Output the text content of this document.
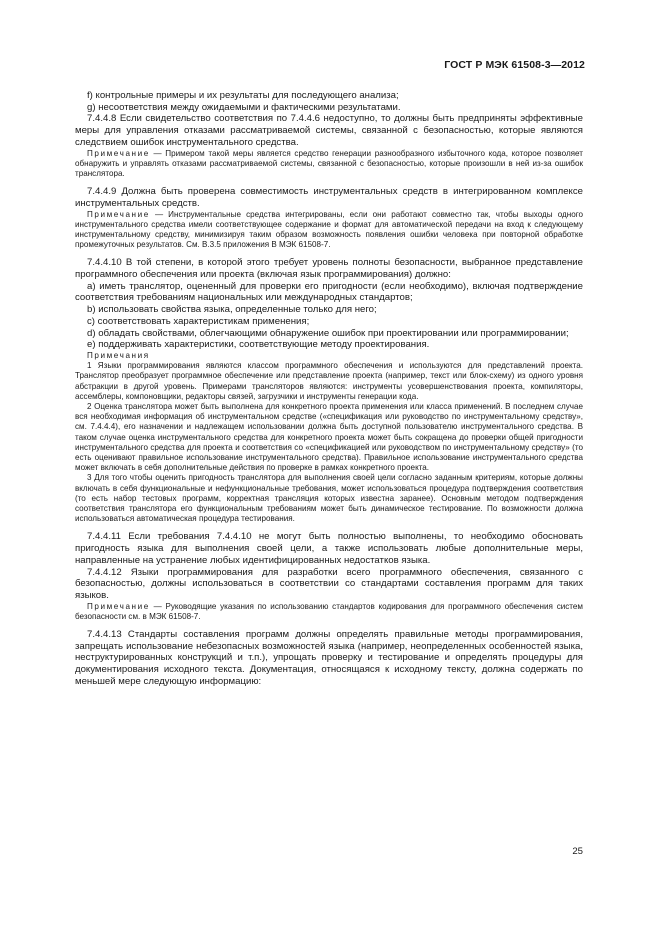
ГОСТ Р МЭК 61508-3—2012

f) контрольные примеры и их результаты для последующего анализа;

g) несоответствия между ожидаемыми и фактическими результатами.

7.4.4.8 Если свидетельство соответствия по 7.4.4.6 недоступно, то должны быть предприняты эффективные меры для управления отказами рассматриваемой системы, связанной с безопасностью, которые являются следствием ошибок инструментального средства.

Примечание — Примером такой меры является средство генерации разнообразного избыточного кода, которое позволяет обнаружить и управлять отказами рассматриваемой системы, связанной с безопасностью, которые произошли в ней из-за ошибок транслятора.

7.4.4.9 Должна быть проверена совместимость инструментальных средств в интегрированном комплексе инструментальных средств.

Примечание — Инструментальные средства интегрированы, если они работают совместно так, чтобы выходы одного инструментального средства имели соответствующее содержание и формат для автоматической передачи на вход к следующему инструментальному средству, минимизируя таким образом возможность появления ошибки человека при повторной обработке промежуточных результатов. См. В.3.5 приложения В МЭК 61508-7.

7.4.4.10 В той степени, в которой этого требует уровень полноты безопасности, выбранное представление программного обеспечения или проекта (включая язык программирования) должно:

a) иметь транслятор, оцененный для проверки его пригодности (если необходимо), включая подтверждение соответствия требованиям национальных или международных стандартов;

b) использовать свойства языка, определенные только для него;

c) соответствовать характеристикам применения;

d) обладать свойствами, облегчающими обнаружение ошибок при проектировании или программировании;

e) поддерживать характеристики, соответствующие методу проектирования.

Примечания

1 Языки программирования являются классом программного обеспечения и используются для представлений проекта. Транслятор преобразует программное обеспечение или представление проекта (например, текст или блок-схему) из одного уровня абстракции в другой уровень. Примерами трансляторов являются: инструменты усовершенствования проекта, компиляторы, ассемблеры, компоновщики, редакторы связей, загрузчики и инструменты генерации кода.

2 Оценка транслятора может быть выполнена для конкретного проекта применения или класса применений. В последнем случае вся необходимая информация об инструментальном средстве («спецификация или руководство по инструментальному средству», см. 7.4.4.4), его назначении и надлежащем использовании должна быть доступной пользователю инструментального средства. В таком случае оценка инструментального средства для конкретного проекта может быть сокращена до проверки общей пригодности инструментального средства для проекта и соответствия со «спецификацией или руководством по инструментальному средству» (то есть оценивают правильное использование инструментального средства). Правильное использование инструментального средства может включать в себя дополнительные действия по проверке в рамках конкретного проекта.

3 Для того чтобы оценить пригодность транслятора для выполнения своей цели согласно заданным критериям, которые должны включать в себя функциональные и нефункциональные требования, может использоваться процедура подтверждения соответствия (то есть набор тестовых программ, корректная трансляция которых известна заранее). Основным методом подтверждения соответствия транслятора его функциональным требованиям может быть динамическое тестирование. По возможности должна использоваться автоматическая процедура тестирования.

7.4.4.11 Если требования 7.4.4.10 не могут быть полностью выполнены, то необходимо обосновать пригодность языка для выполнения своей цели, а также использовать любые дополнительные меры, направленные на устранение любых идентифицированных недостатков языка.

7.4.4.12 Языки программирования для разработки всего программного обеспечения, связанного с безопасностью, должны использоваться в соответствии со стандартами составления программ для таких языков.

Примечание — Руководящие указания по использованию стандартов кодирования для программного обеспечения систем безопасности см. в МЭК 61508-7.

7.4.4.13 Стандарты составления программ должны определять правильные методы программирования, запрещать использование небезопасных возможностей языка (например, неопределенных особенностей языка, неструктурированных конструкций и т.п.), упрощать проверку и тестирование и определять процедуры для документирования исходного текста. Документация, относящаяся к исходному тексту, должна содержать по меньшей мере следующую информацию:

25
